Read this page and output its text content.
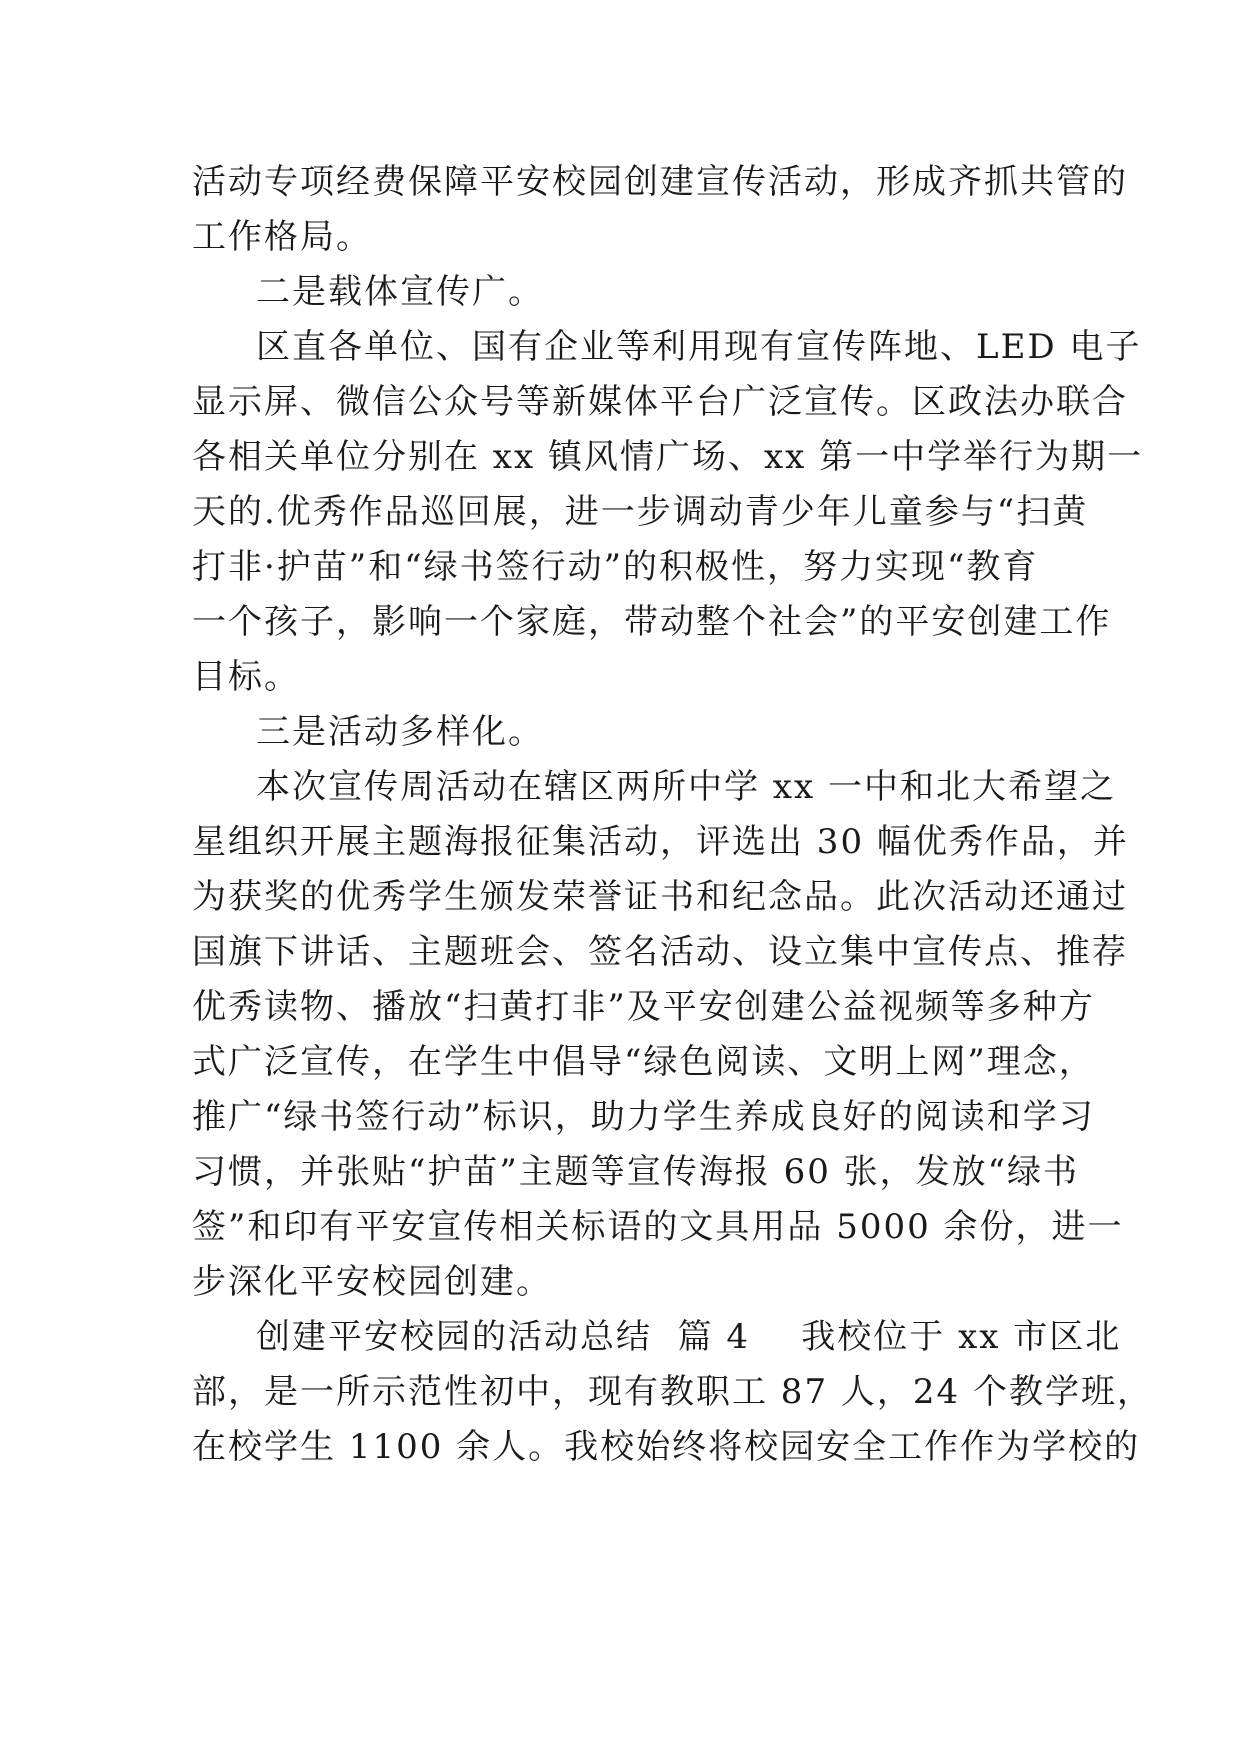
活动专项经费保障平安校园创建宣传活动，形成齐抓共管的
工作格局。
二是载体宣传广。
区直各单位、国有企业等利用现有宣传阵地、LED 电子
显示屏、微信公众号等新媒体平台广泛宣传。区政法办联合
各相关单位分别在 xx 镇风情广场、xx 第一中学举行为期一
天的.优秀作品巡回展，进一步调动青少年儿童参与“扫黄
打非·护苗”和“绿书签行动”的积极性，努力实现“教育
一个孩子，影响一个家庭，带动整个社会”的平安创建工作
目标。
三是活动多样化。
本次宣传周活动在辖区两所中学 xx 一中和北大希望之
星组织开展主题海报征集活动，评选出 30 幅优秀作品，并
为获奖的优秀学生颁发荣誉证书和纪念品。此次活动还通过
国旗下讲话、主题班会、签名活动、设立集中宣传点、推荐
优秀读物、播放“扫黄打非”及平安创建公益视频等多种方
式广泛宣传，在学生中倡导“绿色阅读、文明上网”理念，
推广“绿书签行动”标识，助力学生养成良好的阅读和学习
习惯，并张贴“护苗”主题等宣传海报 60 张，发放“绿书
签”和印有平安宣传相关标语的文具用品 5000 余份，进一
步深化平安校园创建。
创建平安校园的活动总结  篇 4    我校位于 xx 市区北
部，是一所示范性初中，现有教职工 87 人，24 个教学班，
在校学生 1100 余人。我校始终将校园安全工作作为学校的
